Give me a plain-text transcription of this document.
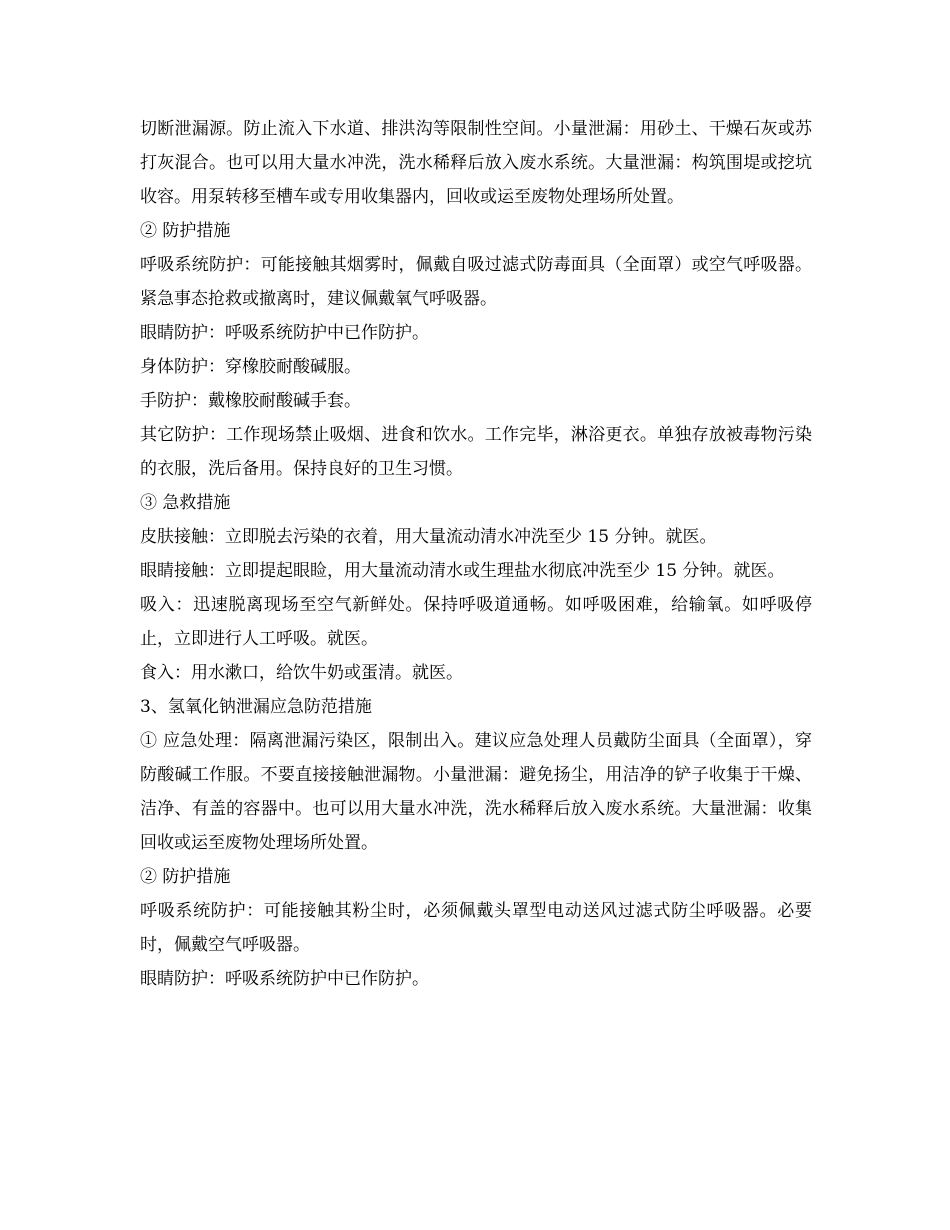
切断泄漏源。防止流入下水道、排洪沟等限制性空间。小量泄漏：用砂土、干燥石灰或苏打灰混合。也可以用大量水冲洗，洗水稀释后放入废水系统。大量泄漏：构筑围堤或挖坑收容。用泵转移至槽车或专用收集器内，回收或运至废物处理场所处置。

② 防护措施

呼吸系统防护：可能接触其烟雾时，佩戴自吸过滤式防毒面具（全面罩）或空气呼吸器。紧急事态抢救或撤离时，建议佩戴氧气呼吸器。

眼睛防护：呼吸系统防护中已作防护。

身体防护：穿橡胶耐酸碱服。

手防护：戴橡胶耐酸碱手套。

其它防护：工作现场禁止吸烟、进食和饮水。工作完毕，淋浴更衣。单独存放被毒物污染的衣服，洗后备用。保持良好的卫生习惯。

③ 急救措施

皮肤接触：立即脱去污染的衣着，用大量流动清水冲洗至少 15 分钟。就医。

眼睛接触：立即提起眼睑，用大量流动清水或生理盐水彻底冲洗至少 15 分钟。就医。

吸入：迅速脱离现场至空气新鲜处。保持呼吸道通畅。如呼吸困难，给输氧。如呼吸停止，立即进行人工呼吸。就医。

食入：用水漱口，给饮牛奶或蛋清。就医。

3、氢氧化钠泄漏应急防范措施

① 应急处理：隔离泄漏污染区，限制出入。建议应急处理人员戴防尘面具（全面罩），穿防酸碱工作服。不要直接接触泄漏物。小量泄漏：避免扬尘，用洁净的铲子收集于干燥、洁净、有盖的容器中。也可以用大量水冲洗，洗水稀释后放入废水系统。大量泄漏：收集回收或运至废物处理场所处置。

② 防护措施

呼吸系统防护：可能接触其粉尘时，必须佩戴头罩型电动送风过滤式防尘呼吸器。必要时，佩戴空气呼吸器。

眼睛防护：呼吸系统防护中已作防护。
